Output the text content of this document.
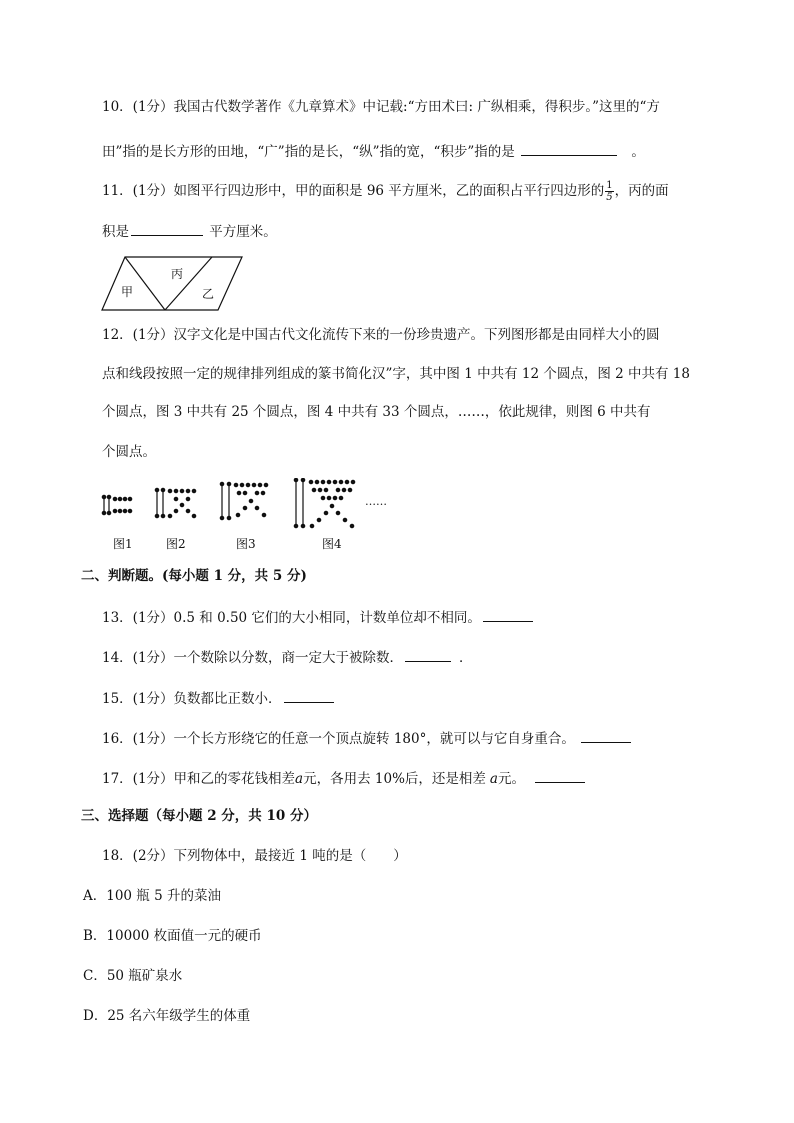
10．(1分）我国古代数学著作《九章算术》中记载:“方田术曰: 广纵相乘，得积步。”这里的“方
田”指的是长方形的田地，“广”指的是长，“纵”指的宽，“积步”指的是	。
11．(1分）如图平行四边形中，甲的面积是 96 平方厘米，乙的面积占平行四边形的 $\frac{1}{5}$ ，丙的面
积是	平方厘米。
甲
丙
乙
12．(1分）汉字文化是中国古代文化流传下来的一份珍贵遗产。下列图形都是由同样大小的圆
点和线段按照一定的规律排列组成的篆书简化汉”字，其中图 1 中共有 12 个圆点，图 2 中共有 18
个圆点，图 3 中共有 25 个圆点，图 4 中共有 33 个圆点，……，依此规律，则图 6 中共有
个圆点。
……
图1	图2	图3	图4
二、判断题。(每小题 1 分，共 5 分)
13．(1分）0.5 和 0.50 它们的大小相同，计数单位却不相同。
14．(1分）一个数除以分数，商一定大于被除数．	．
15．(1分）负数都比正数小．
16．(1分）一个长方形绕它的任意一个顶点旋转 180°，就可以与它自身重合。
17．(1分）甲和乙的零花钱相差a元，各用去 10%后，还是相差 a元。
三、选择题（每小题 2 分，共 10 分）
18．(2分）下列物体中，最接近 1 吨的是（　　）
A．100 瓶 5 升的菜油
B．10000 枚面值一元的硬币
C．50 瓶矿泉水
D．25 名六年级学生的体重
